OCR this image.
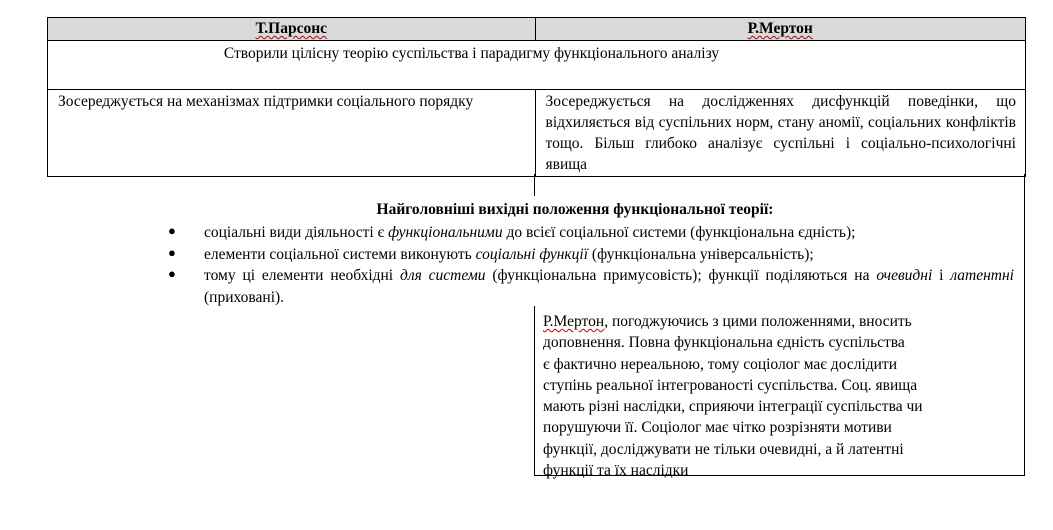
Т.Парсонс	Р.Мертон

Створили цілісну теорію суспільства і парадигму функціонального аналізу	

Зосереджується на механізмах підтримки соціального порядку	Зосереджується на дослідженнях дисфункцій поведінки, що відхиляється від суспільних норм, стану аномії, соціальних конфліктів тощо. Більш глибоко аналізує суспільні і соціально-психологічні явища
Найголовніші вихідні положення функціональної теорії:
● соціальні види діяльності є функціональними до всієї соціальної системи (функціональна єдність);
● елементи соціальної системи виконують соціальні функції (функціональна універсальність);
● тому ці елементи необхідні для системи (функціональна примусовість); функції поділяються на очевидні і латентні (приховані).
Р.Мертон, погоджуючись з цими положеннями, вносить
доповнення. Повна функціональна єдність суспільства
є фактично нереальною, тому соціолог має дослідити
ступінь реальної інтегрованості суспільства. Соц. явища
мають різні наслідки, сприяючи інтеграції суспільства чи
порушуючи її. Соціолог має чітко розрізняти мотиви
функції, досліджувати не тільки очевидні, а й латентні
функції та їх наслідки
